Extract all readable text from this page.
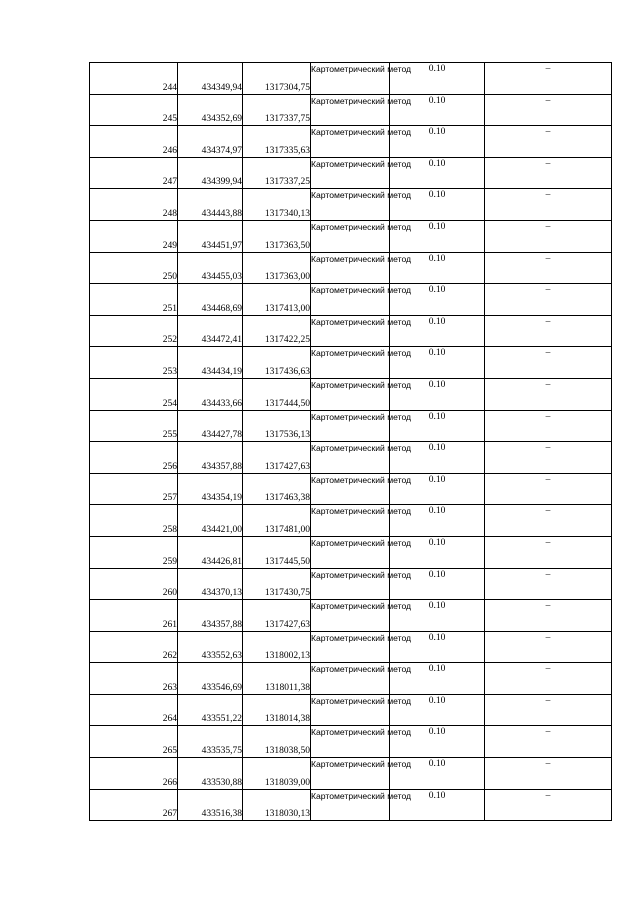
244	434349,94	1317304,75	Картометрический метод	0.10	–
245	434352,69	1317337,75	Картометрический метод	0.10	–
246	434374,97	1317335,63	Картометрический метод	0.10	–
247	434399,94	1317337,25	Картометрический метод	0.10	–
248	434443,88	1317340,13	Картометрический метод	0.10	–
249	434451,97	1317363,50	Картометрический метод	0.10	–
250	434455,03	1317363,00	Картометрический метод	0.10	–
251	434468,69	1317413,00	Картометрический метод	0.10	–
252	434472,41	1317422,25	Картометрический метод	0.10	–
253	434434,19	1317436,63	Картометрический метод	0.10	–
254	434433,66	1317444,50	Картометрический метод	0.10	–
255	434427,78	1317536,13	Картометрический метод	0.10	–
256	434357,88	1317427,63	Картометрический метод	0.10	–
257	434354,19	1317463,38	Картометрический метод	0.10	–
258	434421,00	1317481,00	Картометрический метод	0.10	–
259	434426,81	1317445,50	Картометрический метод	0.10	–
260	434370,13	1317430,75	Картометрический метод	0.10	–
261	434357,88	1317427,63	Картометрический метод	0.10	–
262	433552,63	1318002,13	Картометрический метод	0.10	–
263	433546,69	1318011,38	Картометрический метод	0.10	–
264	433551,22	1318014,38	Картометрический метод	0.10	–
265	433535,75	1318038,50	Картометрический метод	0.10	–
266	433530,88	1318039,00	Картометрический метод	0.10	–
267	433516,38	1318030,13	Картометрический метод	0.10	–
